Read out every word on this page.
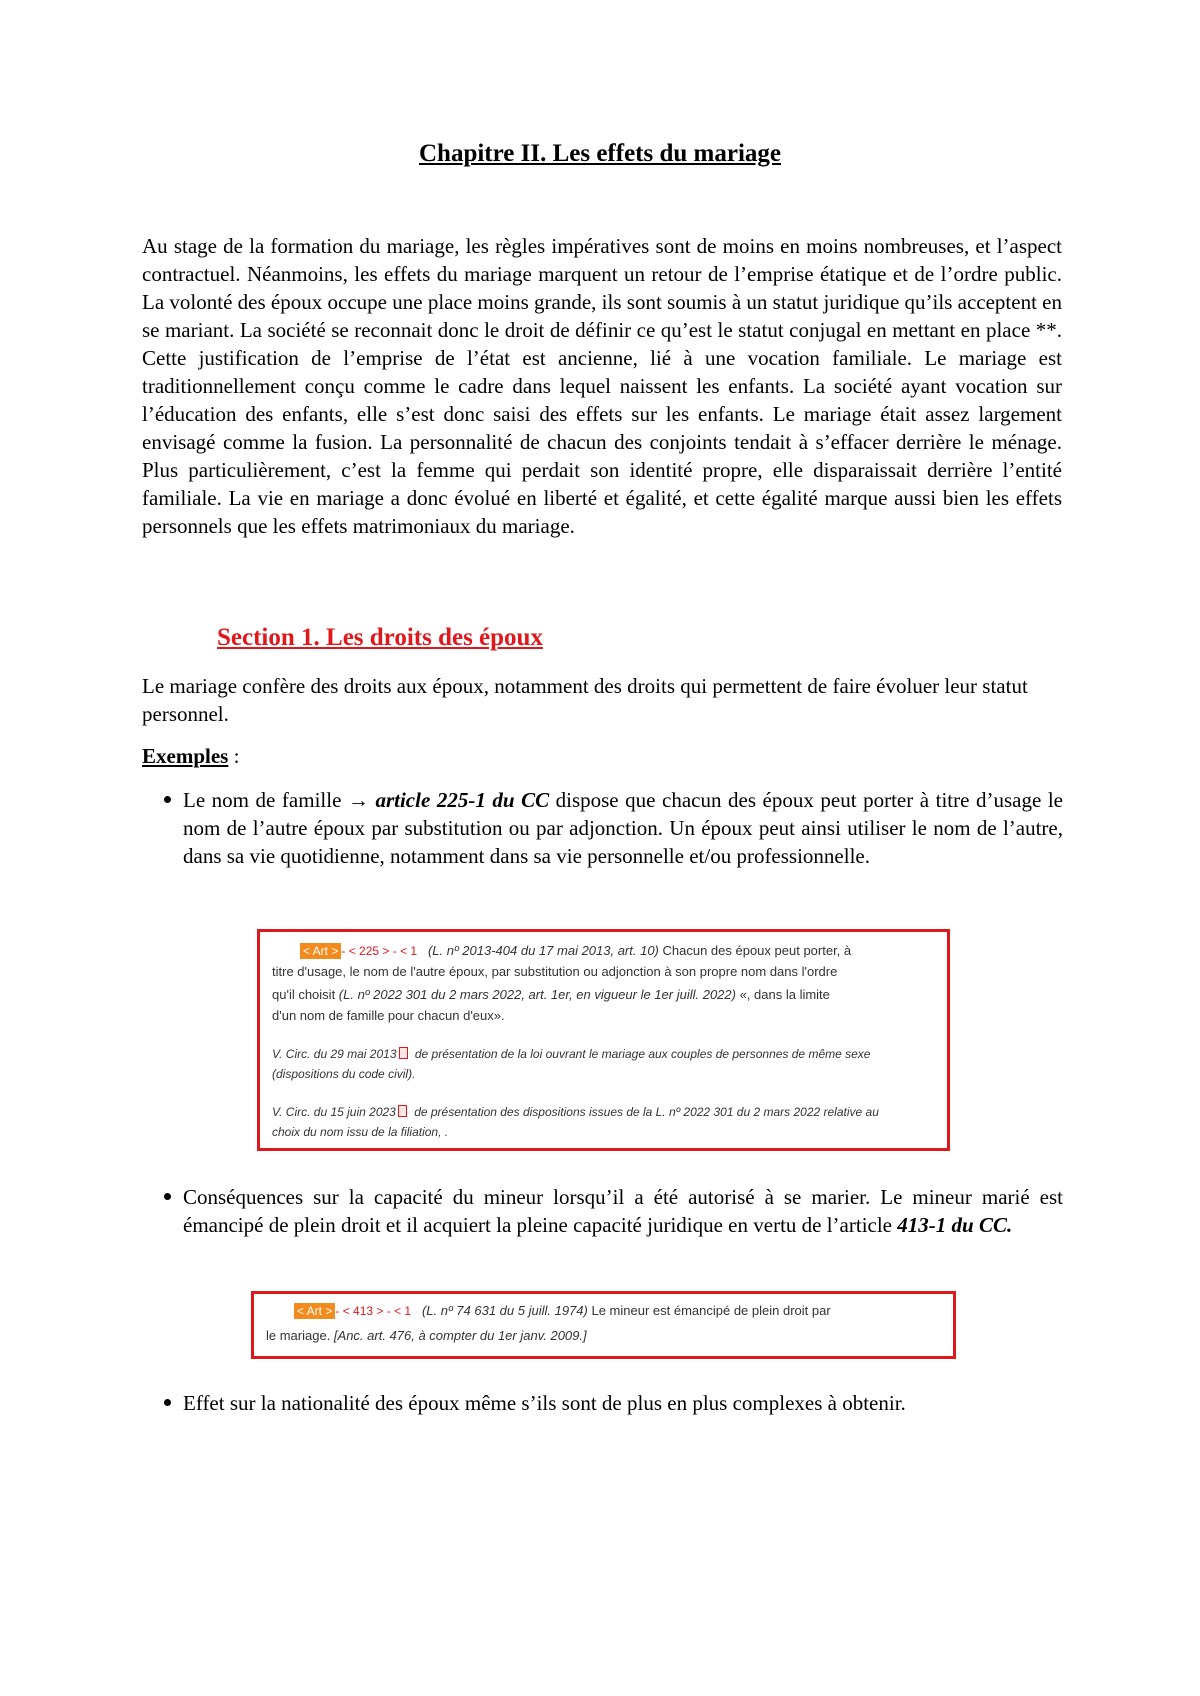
Chapitre II. Les effets du mariage

Au stage de la formation du mariage, les règles impératives sont de moins en moins nombreuses, et l’aspect contractuel. Néanmoins, les effets du mariage marquent un retour de l’emprise étatique et de l’ordre public. La volonté des époux occupe une place moins grande, ils sont soumis à un statut juridique qu’ils acceptent en se mariant. La société se reconnait donc le droit de définir ce qu’est le statut conjugal en mettant en place **. Cette justification de l’emprise de l’état est ancienne, lié à une vocation familiale. Le mariage est traditionnellement conçu comme le cadre dans lequel naissent les enfants. La société ayant vocation sur l’éducation des enfants, elle s’est donc saisi des effets sur les enfants. Le mariage était assez largement envisagé comme la fusion. La personnalité de chacun des conjoints tendait à s’effacer derrière le ménage. Plus particulièrement, c’est la femme qui perdait son identité propre, elle disparaissait derrière l’entité familiale. La vie en mariage a donc évolué en liberté et égalité, et cette égalité marque aussi bien les effets personnels que les effets matrimoniaux du mariage.

Section 1. Les droits des époux

Le mariage confère des droits aux époux, notamment des droits qui permettent de faire évoluer leur statut personnel.

Exemples :
Le nom de famille → article 225-1 du CC dispose que chacun des époux peut porter à titre d’usage le nom de l’autre époux par substitution ou par adjonction. Un époux peut ainsi utiliser le nom de l’autre, dans sa vie quotidienne, notamment dans sa vie personnelle et/ou professionnelle.
< Art > - < 225 > - < 1 (L. nº 2013-404 du 17 mai 2013, art. 10) Chacun des époux peut porter, à
titre d'usage, le nom de l'autre époux, par substitution ou adjonction à son propre nom dans l'ordre
qu'il choisit (L. nº 2022 301 du 2 mars 2022, art. 1er, en vigueur le 1er juill. 2022) «, dans la limite
d'un nom de famille pour chacun d'eux».
V. Circ. du 29 mai 2013 de présentation de la loi ouvrant le mariage aux couples de personnes de même sexe
(dispositions du code civil).
V. Circ. du 15 juin 2023 de présentation des dispositions issues de la L. nº 2022 301 du 2 mars 2022 relative au
choix du nom issu de la filiation, .
Conséquences sur la capacité du mineur lorsqu’il a été autorisé à se marier. Le mineur marié est émancipé de plein droit et il acquiert la pleine capacité juridique en vertu de l’article 413-1 du CC.
< Art > - < 413 > - < 1 (L. nº 74 631 du 5 juill. 1974) Le mineur est émancipé de plein droit par
le mariage. [Anc. art. 476, à compter du 1er janv. 2009.]
Effet sur la nationalité des époux même s’ils sont de plus en plus complexes à obtenir.
